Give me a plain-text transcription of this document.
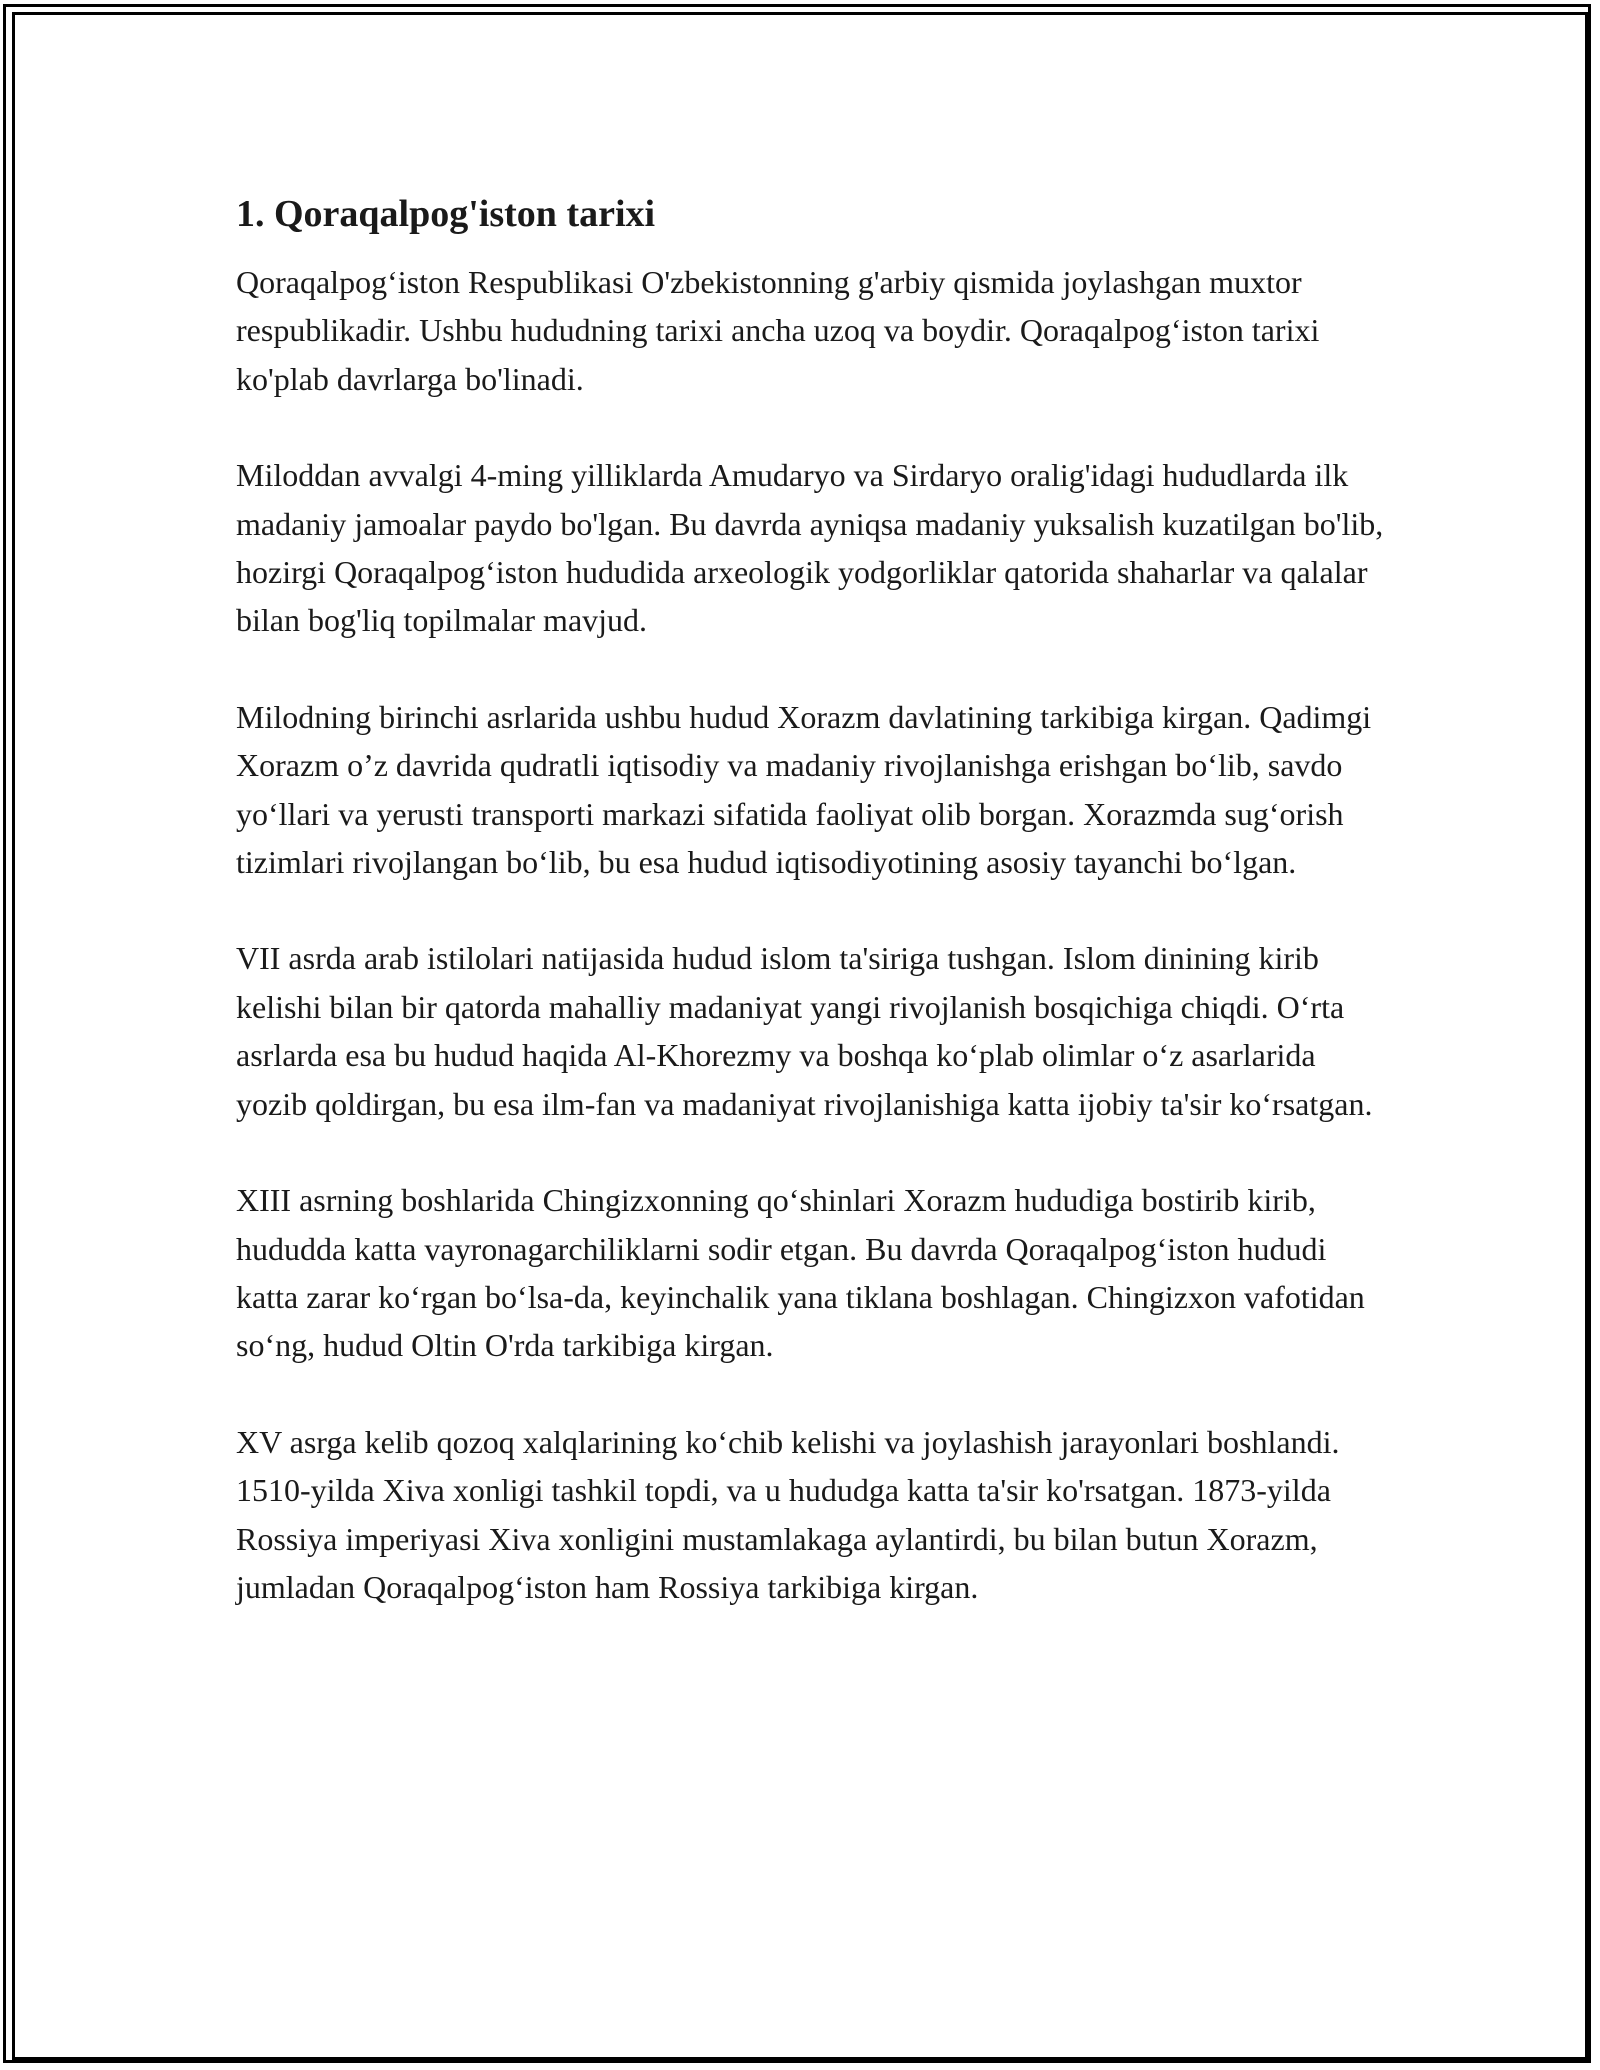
1. Qoraqalpog'iston tarixi

Qoraqalpog‘iston Respublikasi O'zbekistonning g'arbiy qismida joylashgan muxtor respublikadir. Ushbu hududning tarixi ancha uzoq va boydir. Qoraqalpog‘iston tarixi ko'plab davrlarga bo'linadi.

Miloddan avvalgi 4-ming yilliklarda Amudaryo va Sirdaryo oralig'idagi hududlarda ilk madaniy jamoalar paydo bo'lgan. Bu davrda ayniqsa madaniy yuksalish kuzatilgan bo'lib, hozirgi Qoraqalpog‘iston hududida arxeologik yodgorliklar qatorida shaharlar va qalalar bilan bog'liq topilmalar mavjud.

Milodning birinchi asrlarida ushbu hudud Xorazm davlatining tarkibiga kirgan. Qadimgi Xorazm o’z davrida qudratli iqtisodiy va madaniy rivojlanishga erishgan bo‘lib, savdo yo‘llari va yerusti transporti markazi sifatida faoliyat olib borgan. Xorazmda sug‘orish tizimlari rivojlangan bo‘lib, bu esa hudud iqtisodiyotining asosiy tayanchi bo‘lgan.

VII asrda arab istilolari natijasida hudud islom ta'siriga tushgan. Islom dinining kirib kelishi bilan bir qatorda mahalliy madaniyat yangi rivojlanish bosqichiga chiqdi. O‘rta asrlarda esa bu hudud haqida Al-Khorezmy va boshqa ko‘plab olimlar o‘z asarlarida yozib qoldirgan, bu esa ilm-fan va madaniyat rivojlanishiga katta ijobiy ta'sir ko‘rsatgan.

XIII asrning boshlarida Chingizxonning qo‘shinlari Xorazm hududiga bostirib kirib, hududda katta vayronagarchiliklarni sodir etgan. Bu davrda Qoraqalpog‘iston hududi katta zarar ko‘rgan bo‘lsa-da, keyinchalik yana tiklana boshlagan. Chingizxon vafotidan so‘ng, hudud Oltin O'rda tarkibiga kirgan.

XV asrga kelib qozoq xalqlarining ko‘chib kelishi va joylashish jarayonlari boshlandi. 1510-yilda Xiva xonligi tashkil topdi, va u hududga katta ta'sir ko'rsatgan. 1873-yilda Rossiya imperiyasi Xiva xonligini mustamlakaga aylantirdi, bu bilan butun Xorazm, jumladan Qoraqalpog‘iston ham Rossiya tarkibiga kirgan.
